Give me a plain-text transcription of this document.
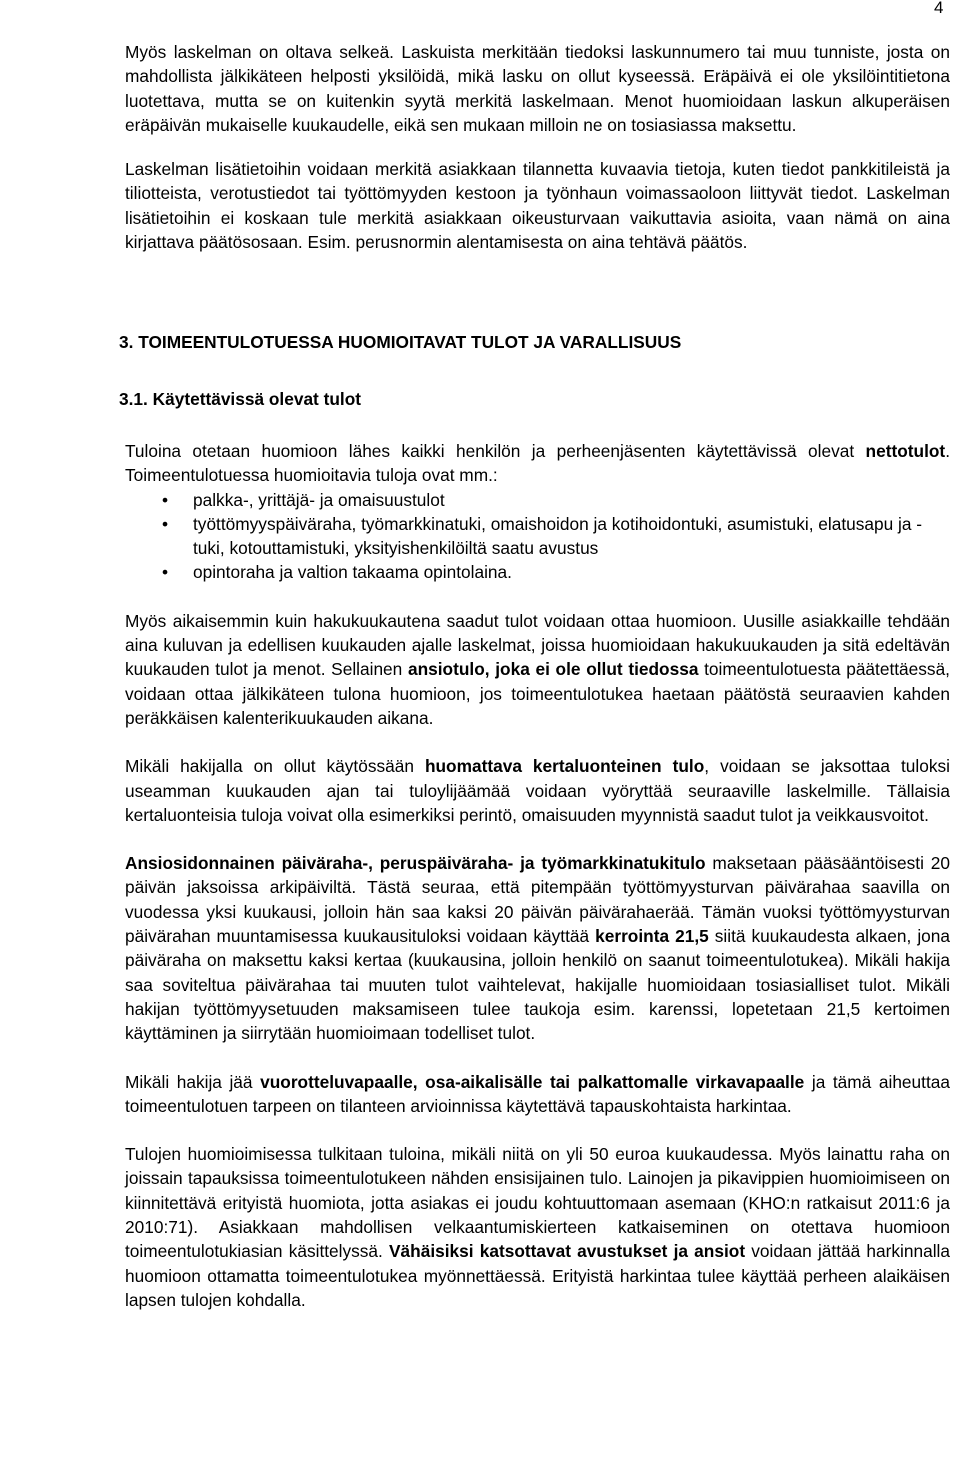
4

Myös laskelman on oltava selkeä. Laskuista merkitään tiedoksi laskunnumero tai muu tunniste, josta on mahdollista jälkikäteen helposti yksilöidä, mikä lasku on ollut kyseessä. Eräpäivä ei ole yksilöintitietona luotettava, mutta se on kuitenkin syytä merkitä laskelmaan. Menot huomioidaan laskun alkuperäisen eräpäivän mukaiselle kuukaudelle, eikä sen mukaan milloin ne on tosiasiassa maksettu.

Laskelman lisätietoihin voidaan merkitä asiakkaan tilannetta kuvaavia tietoja, kuten tiedot pankkitileistä ja tiliotteista, verotustiedot tai työttömyyden kestoon ja työnhaun voimassaoloon liittyvät tiedot. Laskelman lisätietoihin ei koskaan tule merkitä asiakkaan oikeusturvaan vaikuttavia asioita, vaan nämä on aina kirjattava päätösosaan. Esim. perusnormin alentamisesta on aina tehtävä päätös.

3. TOIMEENTULOTUESSA HUOMIOITAVAT TULOT JA VARALLISUUS
3.1. Käytettävissä olevat tulot

Tuloina otetaan huomioon lähes kaikki henkilön ja perheenjäsenten käytettävissä olevat nettotulot. Toimeentulotuessa huomioitavia tuloja ovat mm.:

• palkka-, yrittäjä- ja omaisuustulot
• työttömyyspäiväraha, työmarkkinatuki, omaishoidon ja kotihoidontuki, asumistuki, elatusapu ja -tuki, kotouttamistuki, yksityishenkilöiltä saatu avustus
• opintoraha ja valtion takaama opintolaina.

Myös aikaisemmin kuin hakukuukautena saadut tulot voidaan ottaa huomioon. Uusille asiakkaille tehdään aina kuluvan ja edellisen kuukauden ajalle laskelmat, joissa huomioidaan hakukuukauden ja sitä edeltävän kuukauden tulot ja menot. Sellainen ansiotulo, joka ei ole ollut tiedossa toimeentulotuesta päätettäessä, voidaan ottaa jälkikäteen tulona huomioon, jos toimeentulotukea haetaan päätöstä seuraavien kahden peräkkäisen kalenterikuukauden aikana.

Mikäli hakijalla on ollut käytössään huomattava kertaluonteinen tulo, voidaan se jaksottaa tuloksi useamman kuukauden ajan tai tuloylijäämää voidaan vyöryttää seuraaville laskelmille. Tällaisia kertaluonteisia tuloja voivat olla esimerkiksi perintö, omaisuuden myynnistä saadut tulot ja veikkausvoitot.

Ansiosidonnainen päiväraha-, peruspäiväraha- ja työmarkkinatukitulo maksetaan pääsääntöisesti 20 päivän jaksoissa arkipäiviltä. Tästä seuraa, että pitempään työttömyysturvan päivärahaa saavilla on vuodessa yksi kuukausi, jolloin hän saa kaksi 20 päivän päivärahaerää. Tämän vuoksi työttömyysturvan päivärahan muuntamisessa kuukausituloksi voidaan käyttää kerrointa 21,5 siitä kuukaudesta alkaen, jona päiväraha on maksettu kaksi kertaa (kuukausina, jolloin henkilö on saanut toimeentulotukea). Mikäli hakija saa soviteltua päivärahaa tai muuten tulot vaihtelevat, hakijalle huomioidaan tosiasialliset tulot. Mikäli hakijan työttömyysetuuden maksamiseen tulee taukoja esim. karenssi, lopetetaan 21,5 kertoimen käyttäminen ja siirrytään huomioimaan todelliset tulot.

Mikäli hakija jää vuorotteluvapaalle, osa-aikalisälle tai palkattomalle virkavapaalle ja tämä aiheuttaa toimeentulotuen tarpeen on tilanteen arvioinnissa käytettävä tapauskohtaista harkintaa.

Tulojen huomioimisessa tulkitaan tuloina, mikäli niitä on yli 50 euroa kuukaudessa. Myös lainattu raha on joissain tapauksissa toimeentulotukeen nähden ensisijainen tulo. Lainojen ja pikavippien huomioimiseen on kiinnitettävä erityistä huomiota, jotta asiakas ei joudu kohtuuttomaan asemaan (KHO:n ratkaisut 2011:6 ja 2010:71). Asiakkaan mahdollisen velkaantumiskierteen katkaiseminen on otettava huomioon toimeentulotukiasian käsittelyssä. Vähäisiksi katsottavat avustukset ja ansiot voidaan jättää harkinnalla huomioon ottamatta toimeentulotukea myönnettäessä. Erityistä harkintaa tulee käyttää perheen alaikäisen lapsen tulojen kohdalla.
